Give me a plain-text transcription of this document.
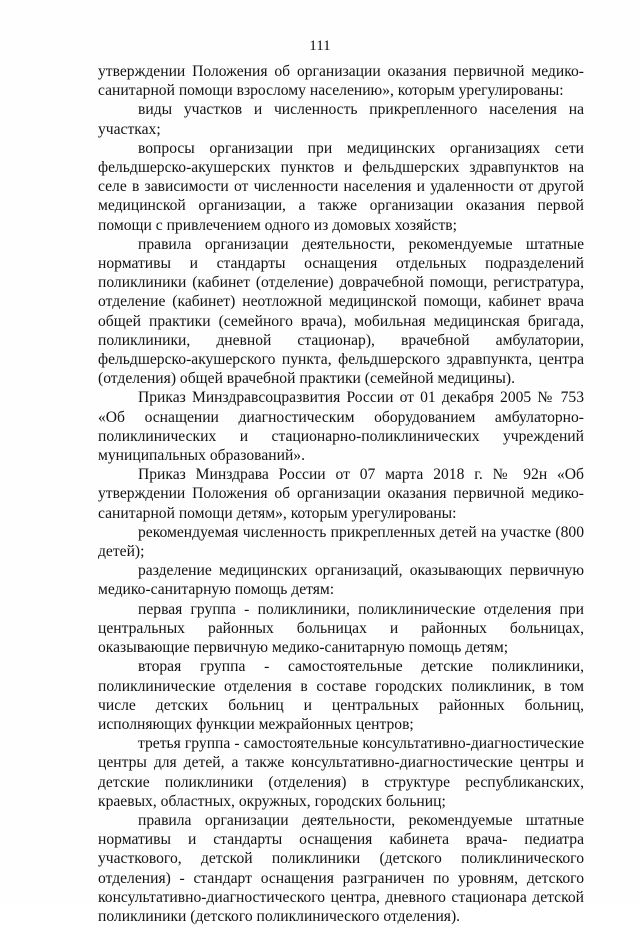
111

утверждении Положения об организации оказания первичной медико-санитарной помощи взрослому населению», которым урегулированы:

виды участков и численность прикрепленного населения на участках;

вопросы организации при медицинских организациях сети фельдшерско-акушерских пунктов и фельдшерских здравпунктов на селе в зависимости от численности населения и удаленности от другой медицинской организации, а также организации оказания первой помощи с привлечением одного из домовых хозяйств;

правила организации деятельности, рекомендуемые штатные нормативы и стандарты оснащения отдельных подразделений поликлиники (кабинет (отделение) доврачебной помощи, регистратура, отделение (кабинет) неотложной медицинской помощи, кабинет врача общей практики (семейного врача), мобильная медицинская бригада, поликлиники, дневной стационар), врачебной амбулатории, фельдшерско-акушерского пункта, фельдшерского здравпункта, центра (отделения) общей врачебной практики (семейной медицины).

Приказ Минздравсоцразвития России от 01 декабря 2005 № 753 «Об оснащении диагностическим оборудованием амбулаторно-поликлинических и стационарно-поликлинических учреждений муниципальных образований».

Приказ Минздрава России от 07 марта 2018 г. № 92н «Об утверждении Положения об организации оказания первичной медико-санитарной помощи детям», которым урегулированы:

рекомендуемая численность прикрепленных детей на участке (800 детей);

разделение медицинских организаций, оказывающих первичную медико-санитарную помощь детям:

первая группа - поликлиники, поликлинические отделения при центральных районных больницах и районных больницах, оказывающие первичную медико-санитарную помощь детям;

вторая группа - самостоятельные детские поликлиники, поликлинические отделения в составе городских поликлиник, в том числе детских больниц и центральных районных больниц, исполняющих функции межрайонных центров;

третья группа - самостоятельные консультативно-диагностические центры для детей, а также консультативно-диагностические центры и детские поликлиники (отделения) в структуре республиканских, краевых, областных, окружных, городских больниц;

правила организации деятельности, рекомендуемые штатные нормативы и стандарты оснащения кабинета врача- педиатра участкового, детской поликлиники (детского поликлинического отделения) - стандарт оснащения разграничен по уровням, детского консультативно-диагностического центра, дневного стационара детской поликлиники (детского поликлинического отделения).
